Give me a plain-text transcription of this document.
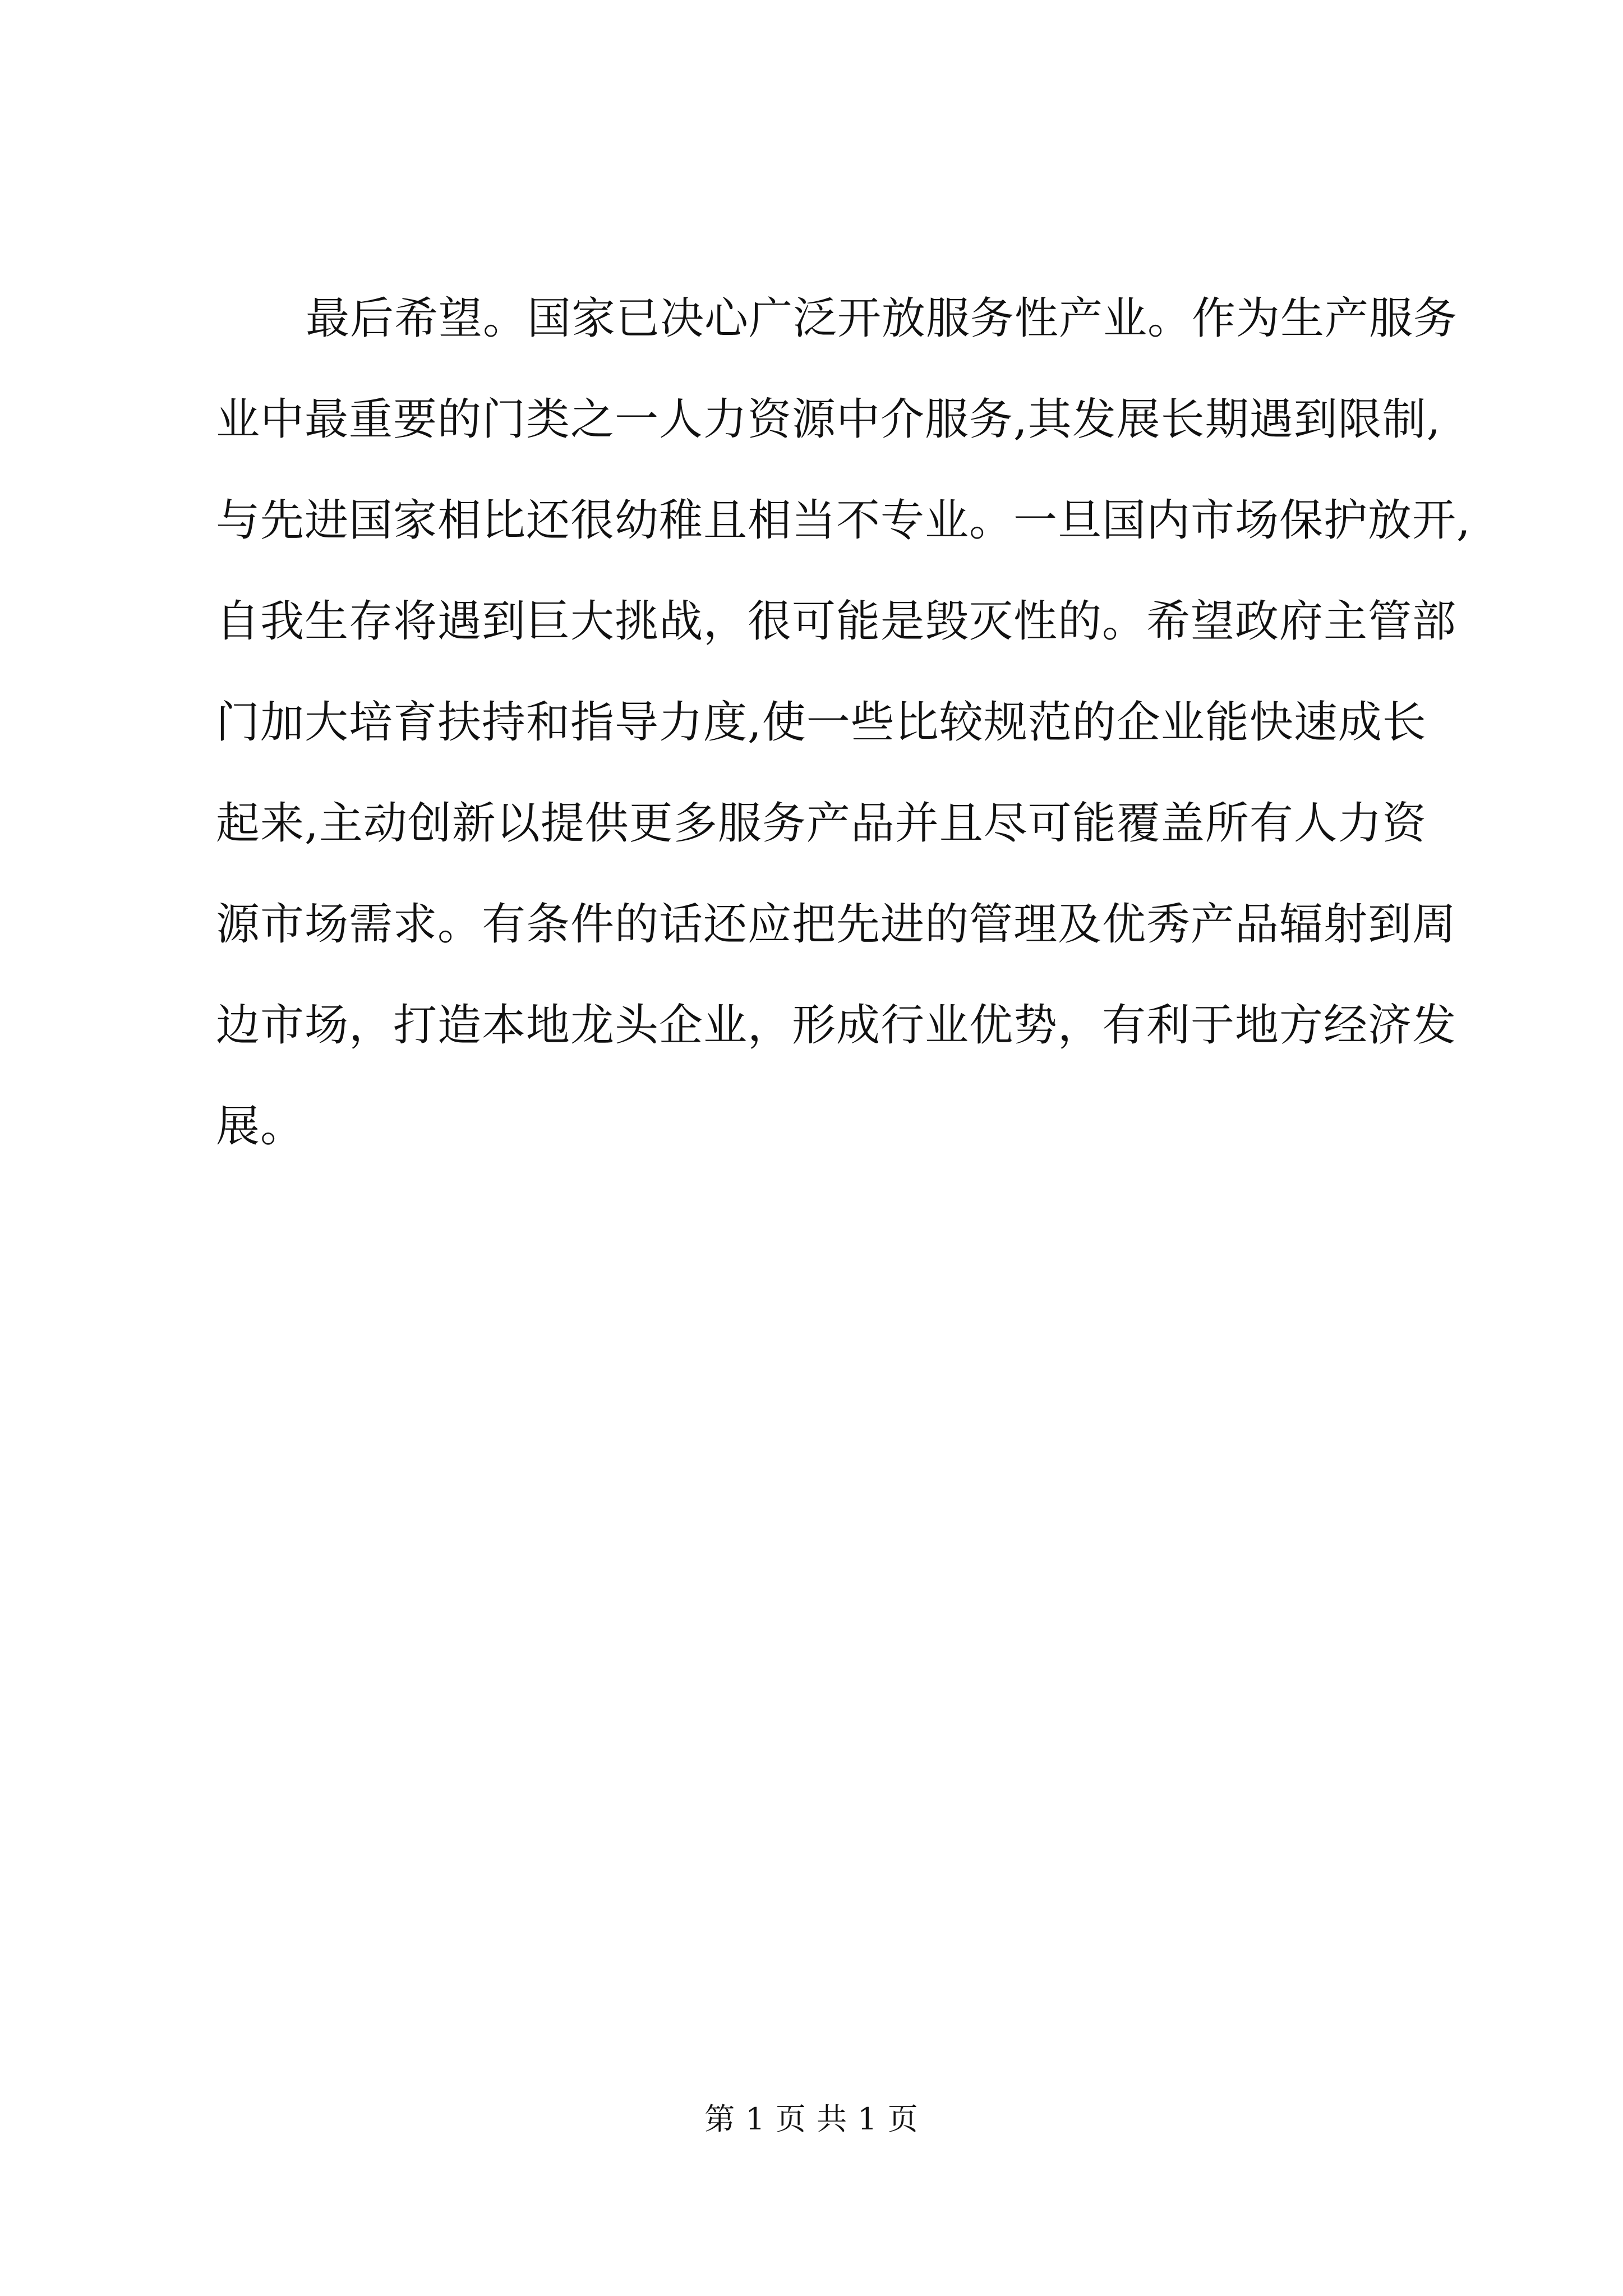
最后希望。国家已决心广泛开放服务性产业。作为生产服务
业中最重要的门类之一人力资源中介服务,其发展长期遇到限制,
与先进国家相比还很幼稚且相当不专业。一旦国内市场保护放开,
自我生存将遇到巨大挑战，很可能是毁灭性的。希望政府主管部
门加大培育扶持和指导力度,使一些比较规范的企业能快速成长
起来,主动创新以提供更多服务产品并且尽可能覆盖所有人力资
源市场需求。有条件的话还应把先进的管理及优秀产品辐射到周
边市场，打造本地龙头企业，形成行业优势，有利于地方经济发
展。
第 1 页 共 1 页
